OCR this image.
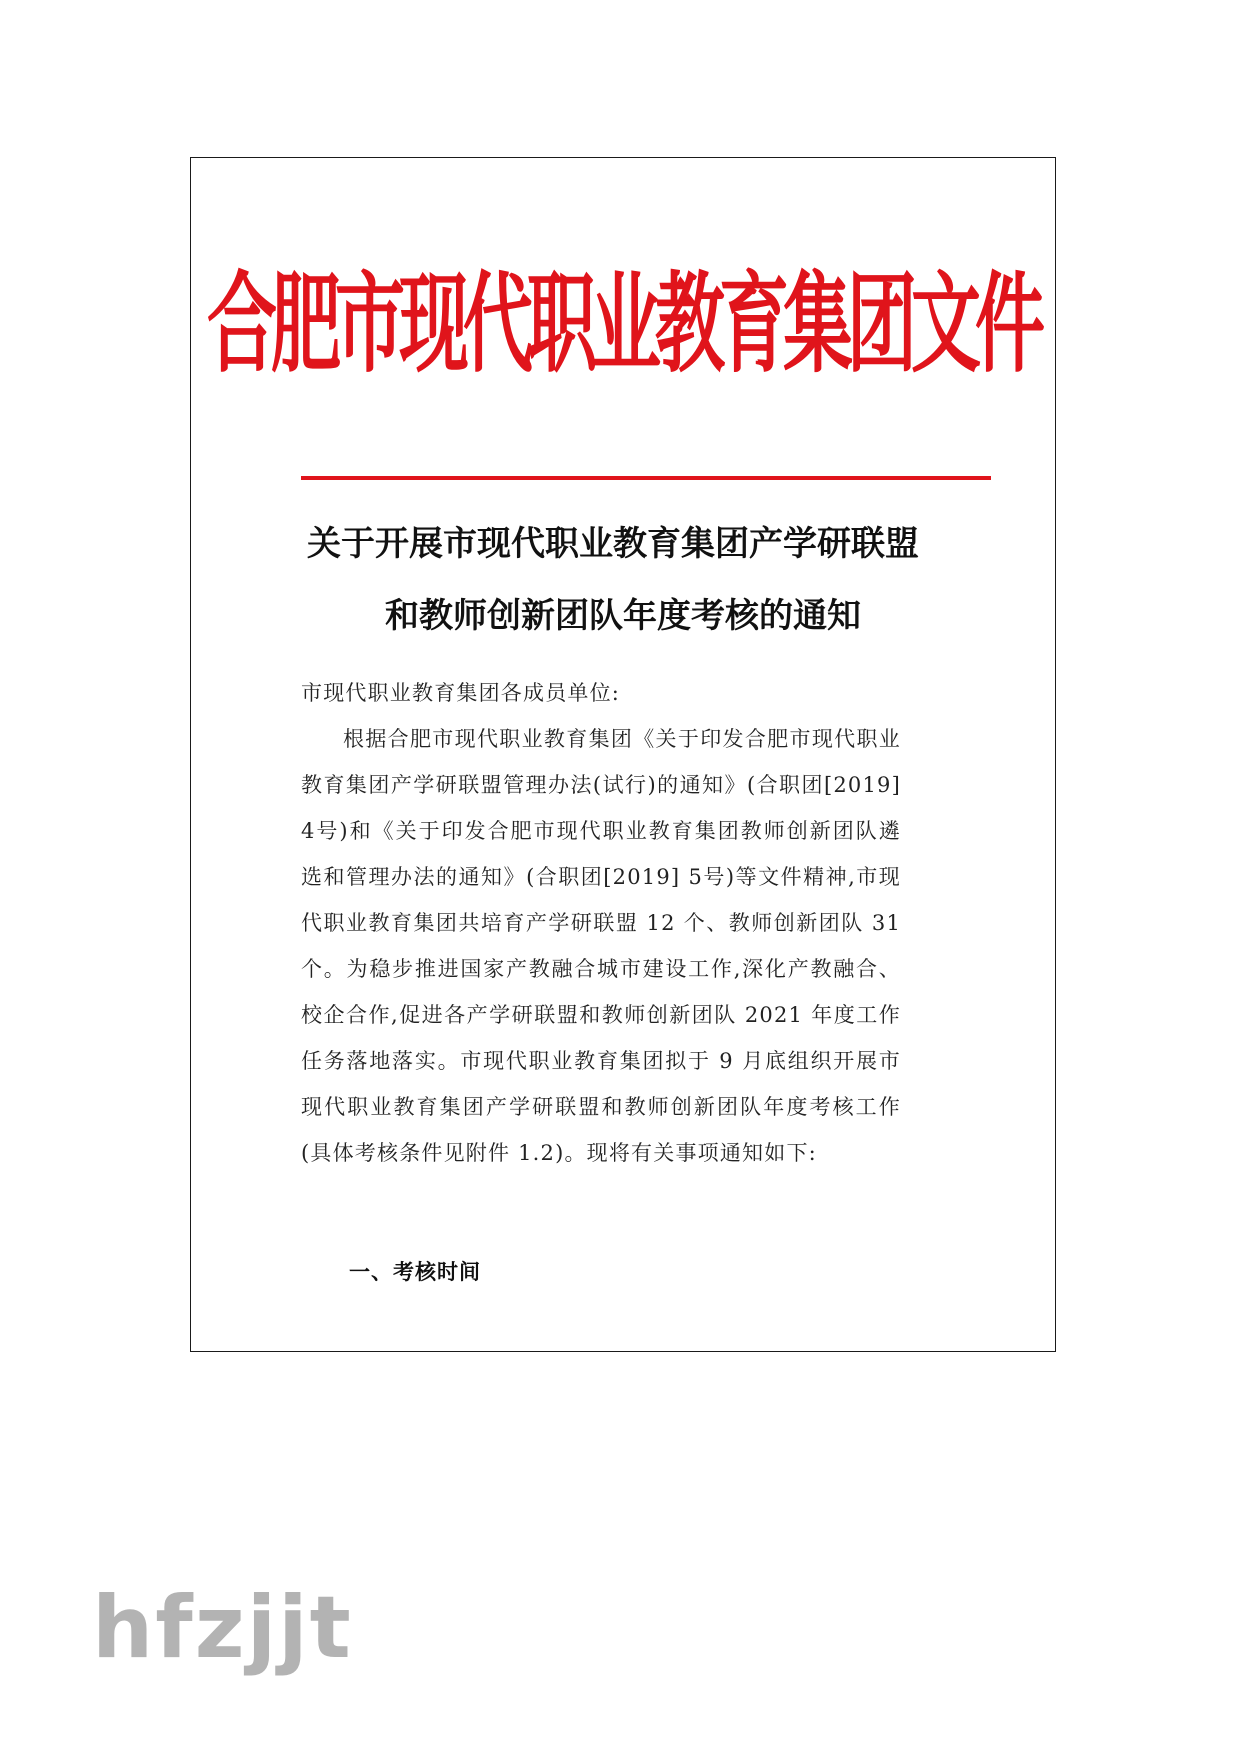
合肥市现代职业教育集团文件
关于开展市现代职业教育集团产学研联盟
和教师创新团队年度考核的通知
市现代职业教育集团各成员单位:
根据合肥市现代职业教育集团《关于印发合肥市现代职业教育集团产学研联盟管理办法(试行)的通知》(合职团[2019]4号)和《关于印发合肥市现代职业教育集团教师创新团队遴选和管理办法的通知》(合职团[2019] 5号)等文件精神,市现代职业教育集团共培育产学研联盟 12 个、教师创新团队 31 个。为稳步推进国家产教融合城市建设工作,深化产教融合、校企合作,促进各产学研联盟和教师创新团队 2021 年度工作任务落地落实。市现代职业教育集团拟于 9 月底组织开展市现代职业教育集团产学研联盟和教师创新团队年度考核工作(具体考核条件见附件 1.2)。现将有关事项通知如下:
一、考核时间
hfzjjt
